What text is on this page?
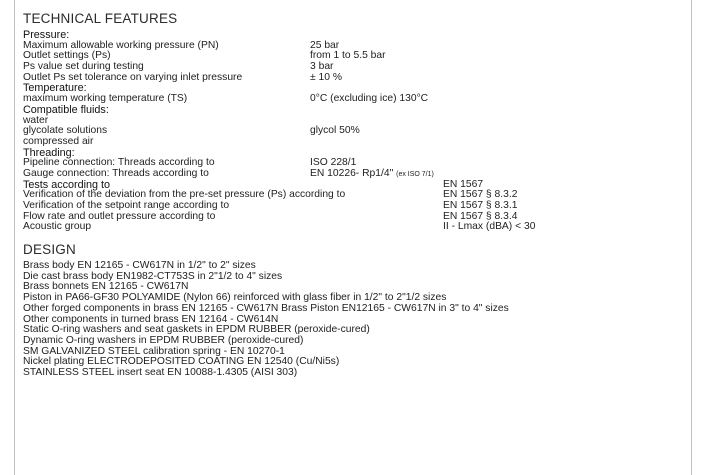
TECHNICAL FEATURES
Pressure:
Maximum allowable working pressure (PN)	25 bar
Outlet settings (Ps)	from 1 to 5.5 bar
Ps value set during testing	3 bar
Outlet Ps set tolerance on varying inlet pressure	± 10 %
Temperature:
maximum working temperature (TS)	0°C (excluding ice) 130°C
Compatible fluids:
water
glycolate solutions	glycol 50%
compressed air
Threading:
Pipeline connection: Threads according to	ISO 228/1
Gauge connection: Threads according to	EN 10226- Rp1/4" (ex ISO 7/1)
Tests according to	EN 1567
Verification of the deviation from the pre-set pressure (Ps) according to	EN 1567 § 8.3.2
Verification of the setpoint range according to	EN 1567 § 8.3.1
Flow rate and outlet pressure according to	EN 1567 § 8.3.4
Acoustic group	II - Lmax (dBA) < 30
DESIGN
Brass body EN 12165 - CW617N in 1/2" to 2" sizes
Die cast brass body EN1982-CT753S in 2"1/2 to 4" sizes
Brass bonnets EN 12165 - CW617N
Piston in PA66-GF30 POLYAMIDE (Nylon 66) reinforced with glass fiber in 1/2" to 2"1/2 sizes
Other forged components in brass EN 12165 - CW617N Brass Piston EN12165 - CW617N in 3" to 4" sizes
Other components in turned brass EN 12164 - CW614N
Static O-ring washers and seat gaskets in EPDM RUBBER (peroxide-cured)
Dynamic O-ring washers in EPDM RUBBER (peroxide-cured)
SM GALVANIZED STEEL calibration spring - EN 10270-1
Nickel plating ELECTRODEPOSITED COATING EN 12540 (Cu/Ni5s)
STAINLESS STEEL insert seat EN 10088-1.4305 (AISI 303)
